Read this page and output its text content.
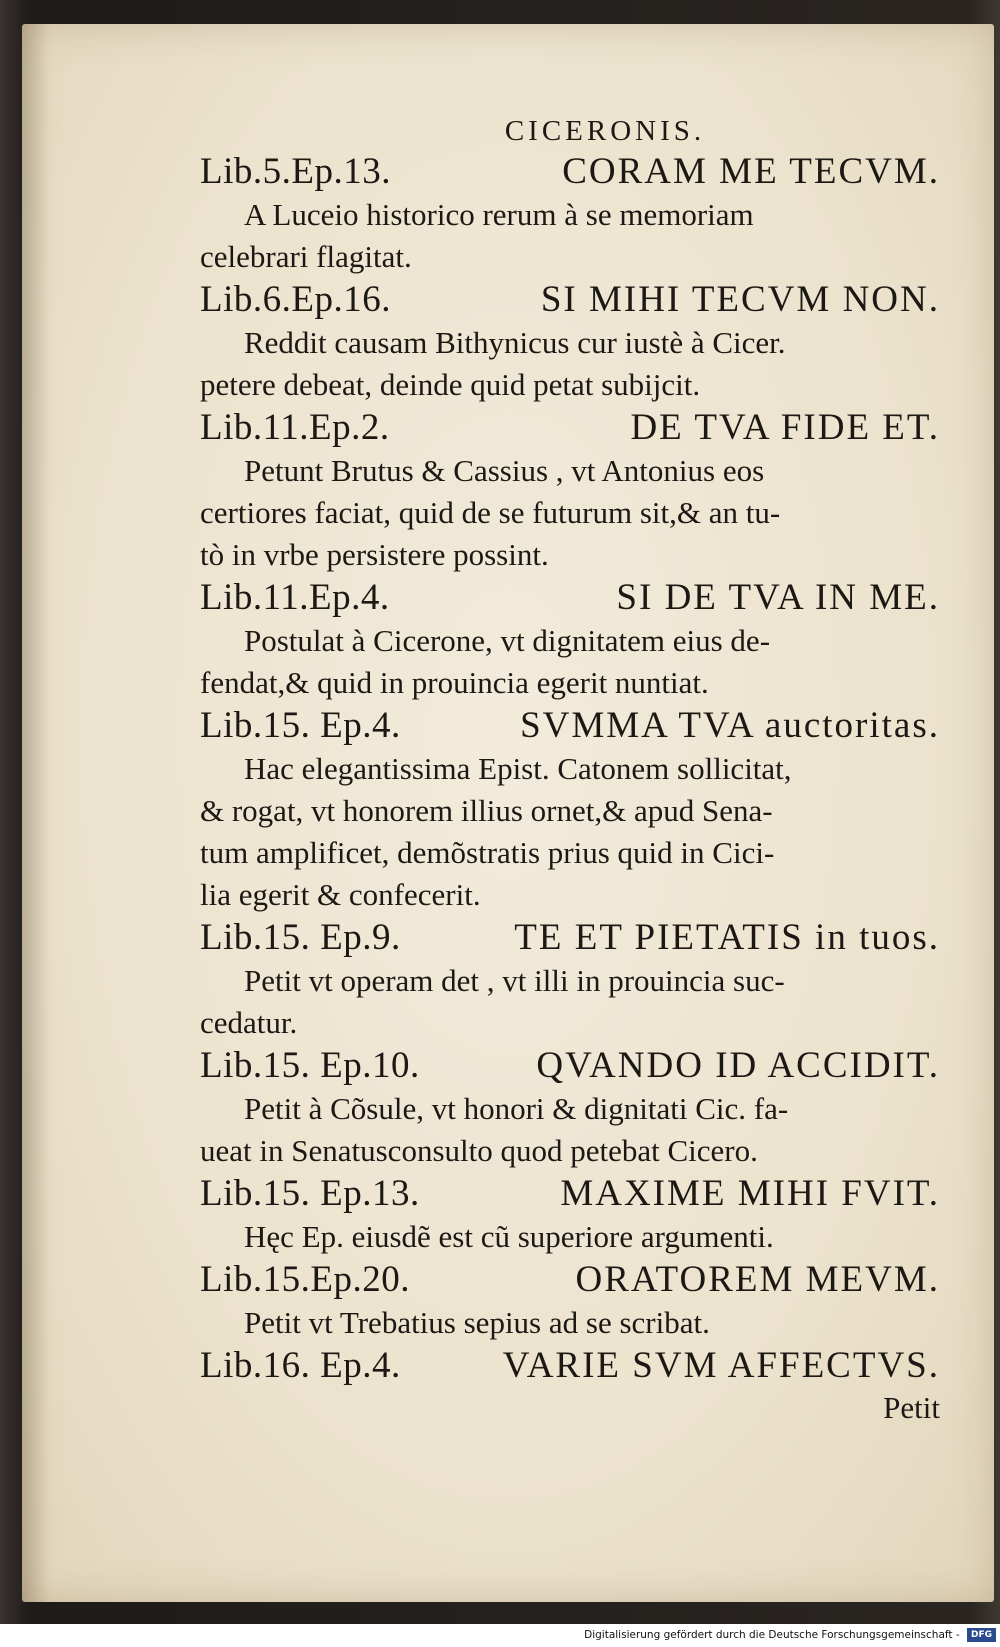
CICERONIS.
Lib.5.Ep.13.	CORAM ME TECVM.
A Luceio historico rerum à se memoriam
celebrari flagitat.
Lib.6.Ep.16.	SI MIHI TECVM NON.
Reddit causam Bithynicus cur iustè à Cicer.
petere debeat, deinde quid petat subijcit.
Lib.11.Ep.2.	DE TVA FIDE ET.
Petunt Brutus & Cassius , vt Antonius eos
certiores faciat, quid de se futurum sit,& an tu-
tò in vrbe persistere possint.
Lib.11.Ep.4.	SI DE TVA IN ME.
Postulat à Cicerone, vt dignitatem eius de-
fendat,& quid in prouincia egerit nuntiat.
Lib.15. Ep.4.	SVMMA TVA auctoritas.
Hac elegantissima Epist. Catonem sollicitat,
& rogat, vt honorem illius ornet,& apud Sena-
tum amplificet, demõstratis prius quid in Cici-
lia egerit & confecerit.
Lib.15. Ep.9.	TE ET PIETATIS in tuos.
Petit vt operam det , vt illi in prouincia suc-
cedatur.
Lib.15. Ep.10.	QVANDO ID ACCIDIT.
Petit à Cõsule, vt honori & dignitati Cic. fa-
ueat in Senatusconsulto quod petebat Cicero.
Lib.15. Ep.13.	MAXIME MIHI FVIT.
Hęc Ep. eiusdẽ est cũ superiore argumenti.
Lib.15.Ep.20.	ORATOREM MEVM.
Petit vt Trebatius sepius ad se scribat.
Lib.16. Ep.4.	VARIE SVM AFFECTVS.
Petit
Digitalisierung gefördert durch die Deutsche Forschungsgemeinschaft - DFG
